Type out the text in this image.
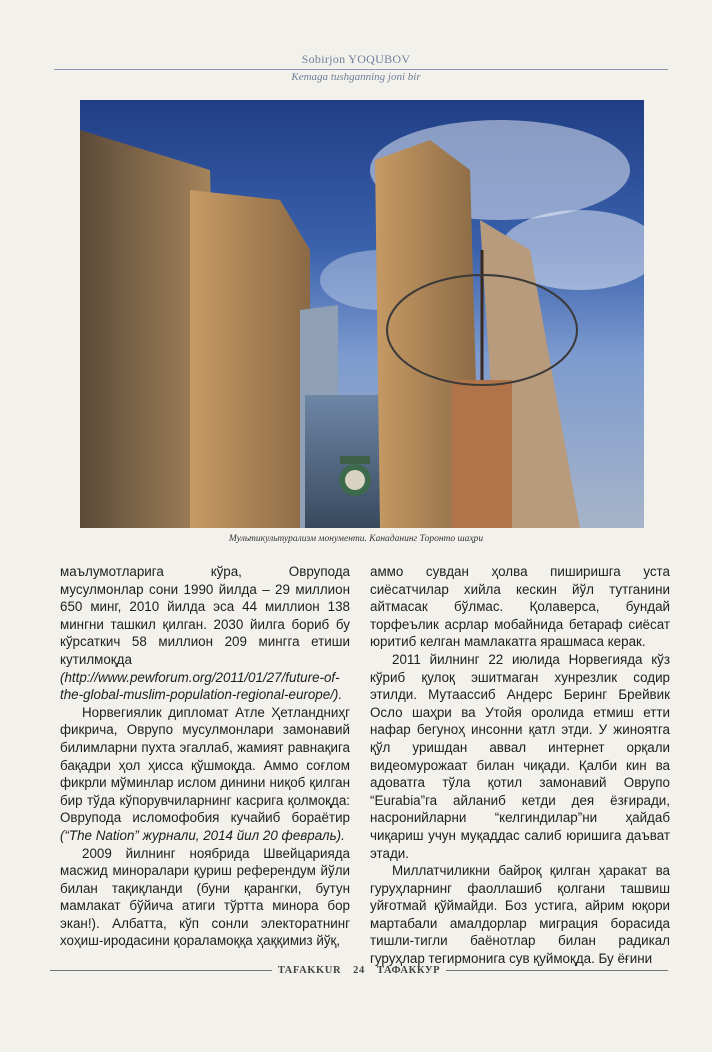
Sobirjon YOQUBOV
Kemaga tushganning joni bir
Мультикультурализм монументи. Канаданинг Торонто шаҳри

маълумотларига кўра, Оврупода мусулмонлар сони 1990 йилда – 29 миллион 650 минг, 2010 йилда эса 44 миллион 138 мингни ташкил қилган. 2030 йилга бориб бу кўрсаткич 58 миллион 209 мингга етиши кутилмоқда (http://www.pewforum.org/2011/01/27/future-of-the-global-muslim-population-regional-europe/).

Норвегиялик дипломат Атле Ҳетландниҳг фикрича, Оврупо мусулмонлари замонавий билимларни пухта эгаллаб, жамият равнақига бақадри ҳол ҳисса қўшмоқда. Аммо соғлом фикрли мўминлар ислом динини ниқоб қилган бир тўда кўпорувчиларнинг касрига қолмоқда: Оврупода исломофобия кучайиб бораётир (“The Nation” журнали, 2014 йил 20 февраль).

2009 йилнинг ноябрида Швейцарияда масжид миноралари қуриш референдум йўли билан тақиқланди (буни қарангки, бутун мамлакат бўйича атиги тўртта минора бор экан!). Албатта, кўп сонли электоратнинг хоҳиш-иродасини қораламоққа ҳаққимиз йўқ,

аммо сувдан ҳолва пиширишга уста сиёсатчилар хийла кескин йўл тутганини айтмасак бўлмас. Қолаверса, бундай торфеълик асрлар мобайнида бетараф сиёсат юритиб келган мамлакатга ярашмаса керак.

2011 йилнинг 22 июлида Норвегияда кўз кўриб қулоқ эшитмаган хунрезлик содир этилди. Мутаассиб Андерс Беринг Брейвик Осло шаҳри ва Утойя оролида етмиш етти нафар бегуноҳ инсонни қатл этди. У жиноятга қўл уришдан аввал интернет орқали видеомурожаат билан чиқади. Қалби кин ва адоватга тўла қотил замонавий Оврупо “Eurabia”га айланиб кетди дея ёзғиради, насронийларни “келгиндилар”ни ҳайдаб чиқариш учун муқаддас салиб юришига даъват этади.

Миллатчиликни байроқ қилган ҳаракат ва гуруҳларнинг фаоллашиб қолгани ташвиш уйғотмай қўймайди. Боз устига, айрим юқори мартабали амалдорлар миграция борасида тишли-тигли баёнотлар билан радикал гуруҳлар тегирмонига сув қуймоқда. Бу ёғини

TAFAKKUR	24	ТАФАККУР
